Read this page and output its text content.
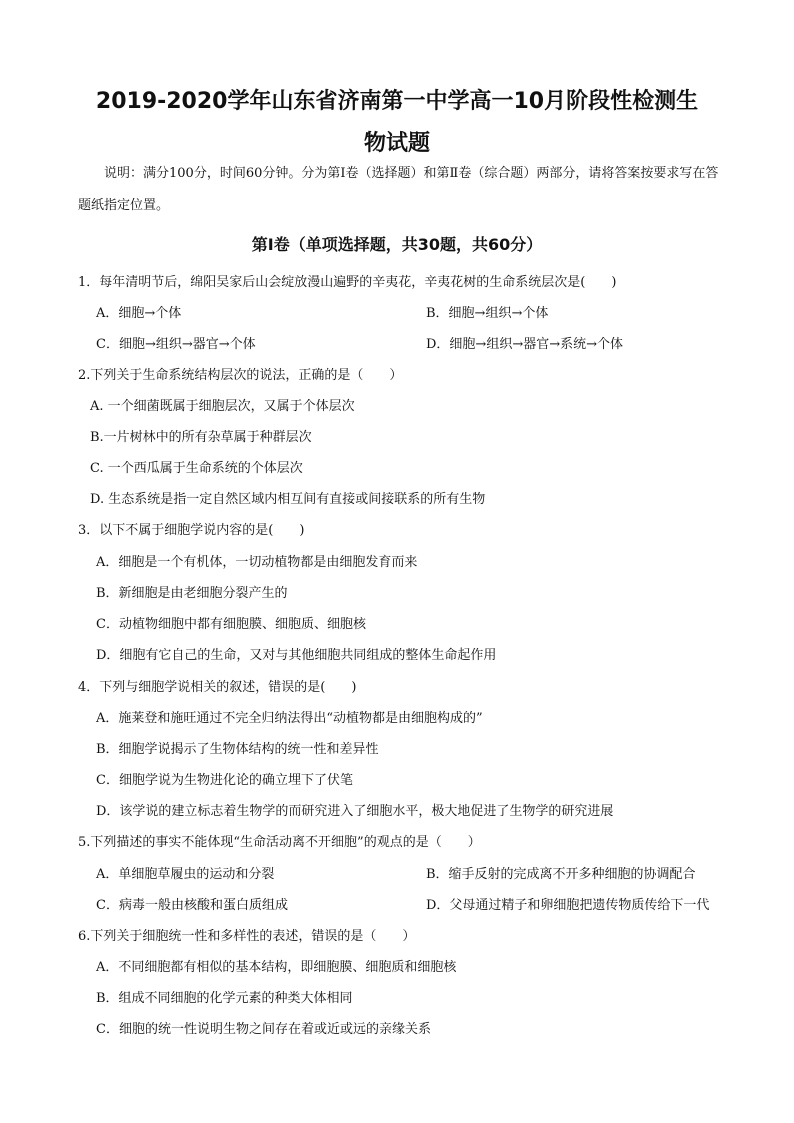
2019-2020学年山东省济南第一中学高一10月阶段性检测生
物试题
说明：满分100分，时间60分钟。分为第Ⅰ卷（选择题）和第Ⅱ卷（综合题）两部分，请将答案按要求写在答题纸指定位置。
第Ⅰ卷（单项选择题，共30题，共60分）
1．每年清明节后，绵阳吴家后山会绽放漫山遍野的辛夷花，辛夷花树的生命系统层次是(　　)
A．细胞→个体	B．细胞→组织→个体
C．细胞→组织→器官→个体	D．细胞→组织→器官→系统→个体
2.下列关于生命系统结构层次的说法，正确的是（　　）
A. 一个细菌既属于细胞层次，又属于个体层次
B.一片树林中的所有杂草属于种群层次
C. 一个西瓜属于生命系统的个体层次
D. 生态系统是指一定自然区域内相互间有直接或间接联系的所有生物
3．以下不属于细胞学说内容的是(　　)
A．细胞是一个有机体，一切动植物都是由细胞发育而来
B．新细胞是由老细胞分裂产生的
C．动植物细胞中都有细胞膜、细胞质、细胞核
D．细胞有它自己的生命，又对与其他细胞共同组成的整体生命起作用
4．下列与细胞学说相关的叙述，错误的是(　　)
A．施莱登和施旺通过不完全归纳法得出“动植物都是由细胞构成的”
B．细胞学说揭示了生物体结构的统一性和差异性
C．细胞学说为生物进化论的确立埋下了伏笔
D．该学说的建立标志着生物学的而研究进入了细胞水平，极大地促进了生物学的研究进展
5.下列描述的事实不能体现“生命活动离不开细胞”的观点的是（　　）
A．单细胞草履虫的运动和分裂	B．缩手反射的完成离不开多种细胞的协调配合
C．病毒一般由核酸和蛋白质组成	D．父母通过精子和卵细胞把遗传物质传给下一代
6.下列关于细胞统一性和多样性的表述，错误的是（　　）
A．不同细胞都有相似的基本结构，即细胞膜、细胞质和细胞核
B．组成不同细胞的化学元素的种类大体相同
C．细胞的统一性说明生物之间存在着或近或远的亲缘关系
